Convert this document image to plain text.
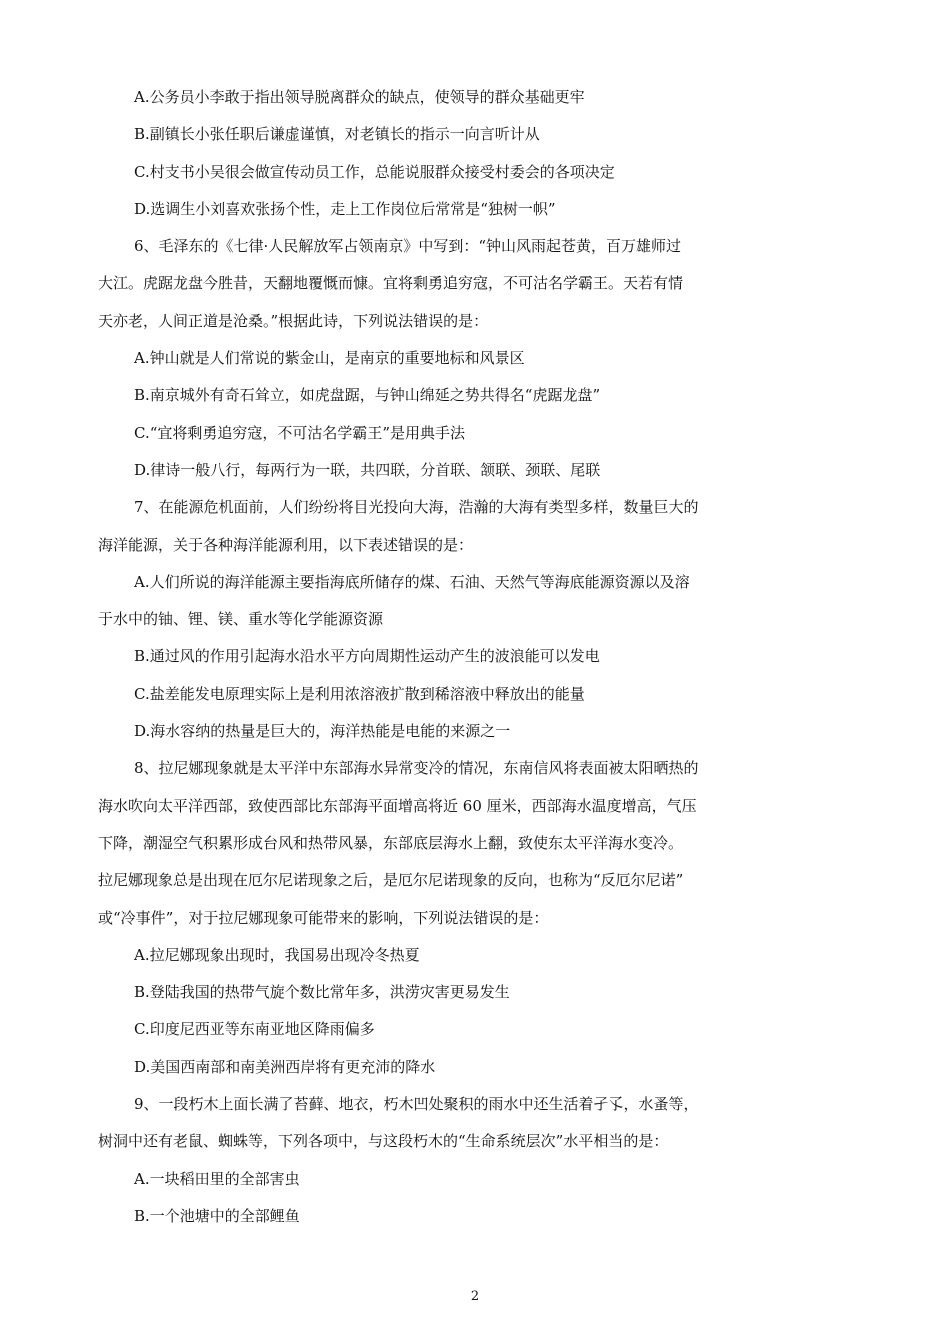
A.公务员小李敢于指出领导脱离群众的缺点，使领导的群众基础更牢

B.副镇长小张任职后谦虚谨慎，对老镇长的指示一向言听计从

C.村支书小吴很会做宣传动员工作，总能说服群众接受村委会的各项决定

D.选调生小刘喜欢张扬个性，走上工作岗位后常常是“独树一帜”

6、毛泽东的《七律·人民解放军占领南京》中写到：“钟山风雨起苍黄，百万雄师过
大江。虎踞龙盘今胜昔，天翻地覆慨而慷。宜将剩勇追穷寇，不可沽名学霸王。天若有情
天亦老，人间正道是沧桑。”根据此诗，下列说法错误的是：

A.钟山就是人们常说的紫金山，是南京的重要地标和风景区

B.南京城外有奇石耸立，如虎盘踞，与钟山绵延之势共得名“虎踞龙盘”

C.“宜将剩勇追穷寇，不可沽名学霸王”是用典手法

D.律诗一般八行，每两行为一联，共四联，分首联、颔联、颈联、尾联

7、在能源危机面前，人们纷纷将目光投向大海，浩瀚的大海有类型多样，数量巨大的
海洋能源，关于各种海洋能源利用，以下表述错误的是：
A.人们所说的海洋能源主要指海底所储存的煤、石油、天然气等海底能源资源以及溶
于水中的铀、锂、镁、重水等化学能源资源

B.通过风的作用引起海水沿水平方向周期性运动产生的波浪能可以发电

C.盐差能发电原理实际上是利用浓溶液扩散到稀溶液中释放出的能量

D.海水容纳的热量是巨大的，海洋热能是电能的来源之一

8、拉尼娜现象就是太平洋中东部海水异常变冷的情况，东南信风将表面被太阳晒热的
海水吹向太平洋西部，致使西部比东部海平面增高将近 60 厘米，西部海水温度增高，气压
下降，潮湿空气积累形成台风和热带风暴，东部底层海水上翻，致使东太平洋海水变冷。
拉尼娜现象总是出现在厄尔尼诺现象之后，是厄尔尼诺现象的反向，也称为“反厄尔尼诺”
或“冷事件”，对于拉尼娜现象可能带来的影响，下列说法错误的是：

A.拉尼娜现象出现时，我国易出现冷冬热夏

B.登陆我国的热带气旋个数比常年多，洪涝灾害更易发生

C.印度尼西亚等东南亚地区降雨偏多

D.美国西南部和南美洲西岸将有更充沛的降水

9、一段朽木上面长满了苔藓、地衣，朽木凹处聚积的雨水中还生活着孑孓，水蚤等，
树洞中还有老鼠、蜘蛛等，下列各项中，与这段朽木的“生命系统层次”水平相当的是：

A.一块稻田里的全部害虫

B.一个池塘中的全部鲤鱼

2
